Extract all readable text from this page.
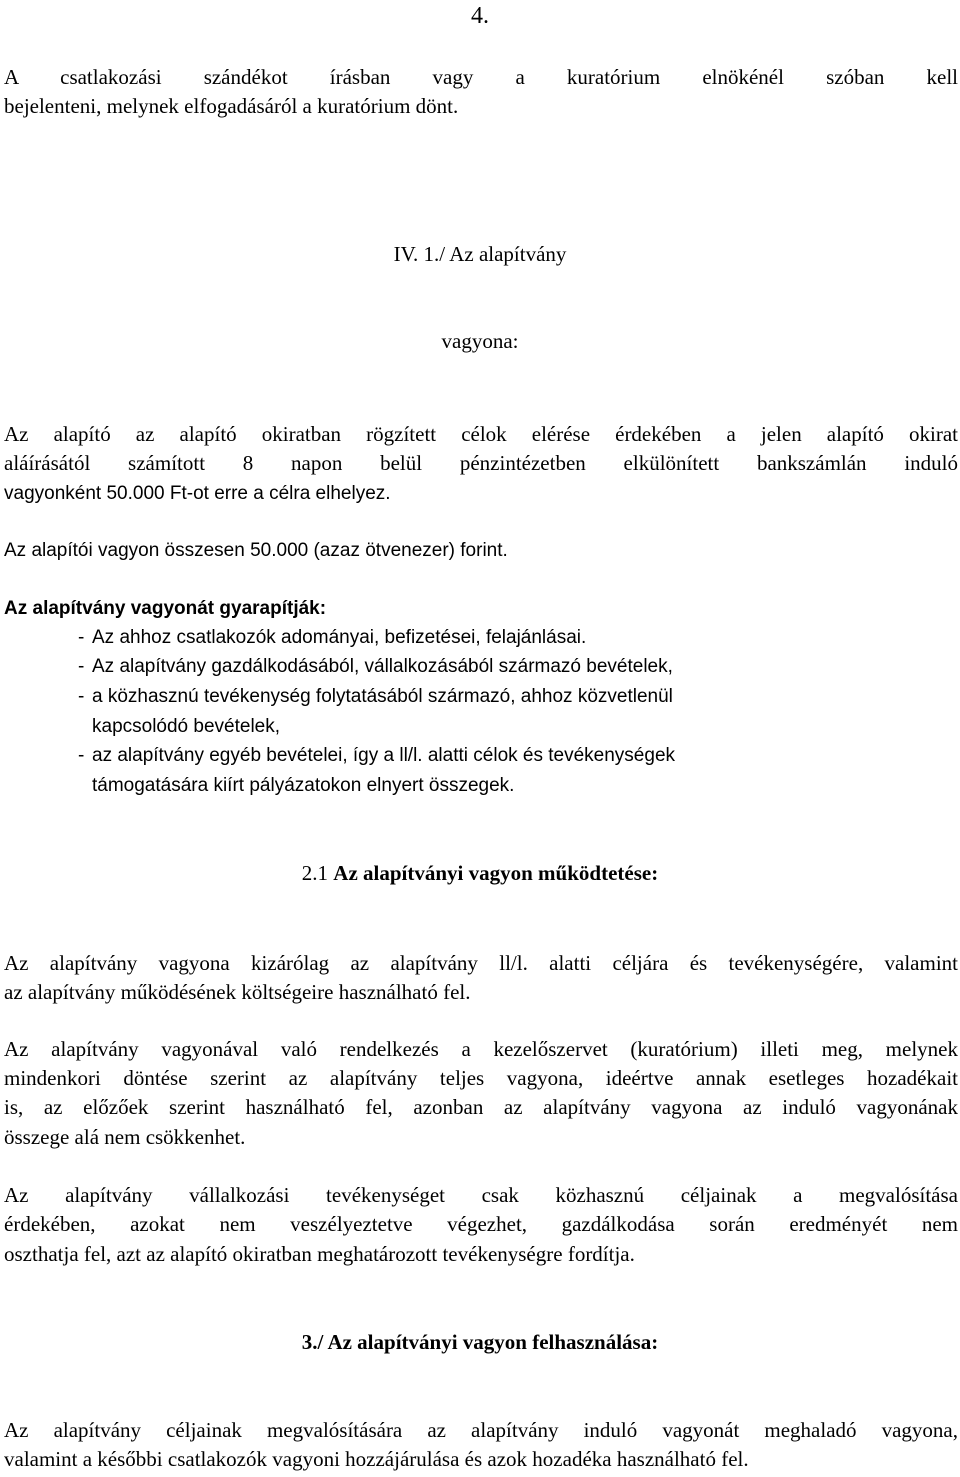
4.
A csatlakozási szándékot írásban vagy a kuratórium elnökénél szóban kell
bejelenteni, melynek elfogadásáról a kuratórium dönt.
IV. 1./ Az alapítvány
vagyona:
Az alapító az alapító okiratban rögzített célok elérése érdekében a jelen alapító okirat
aláírásától számított 8 napon belül pénzintézetben elkülönített bankszámlán induló
vagyonként 50.000 Ft-ot erre a célra elhelyez.
Az alapítói vagyon összesen 50.000 (azaz ötvenezer) forint.
Az alapítvány vagyonát gyarapítják:
- Az ahhoz csatlakozók adományai, befizetései, felajánlásai.
- Az alapítvány gazdálkodásából, vállalkozásából származó bevételek,
- a közhasznú tevékenység folytatásából származó, ahhoz közvetlenül
kapcsolódó bevételek,
- az alapítvány egyéb bevételei, így a ll/l. alatti célok és tevékenységek
támogatására kiírt pályázatokon elnyert összegek.
2.1 Az alapítványi vagyon működtetése:
Az alapítvány vagyona kizárólag az alapítvány ll/l. alatti céljára és tevékenységére, valamint
az alapítvány működésének költségeire használható fel.
Az alapítvány vagyonával való rendelkezés a kezelőszervet (kuratórium) illeti meg, melynek
mindenkori döntése szerint az alapítvány teljes vagyona, ideértve annak esetleges hozadékait
is, az előzőek szerint használható fel, azonban az alapítvány vagyona az induló vagyonának
összege alá nem csökkenhet.
Az alapítvány vállalkozási tevékenységet csak közhasznú céljainak a megvalósítása
érdekében, azokat nem veszélyeztetve végezhet, gazdálkodása során eredményét nem
oszthatja fel, azt az alapító okiratban meghatározott tevékenységre fordítja.
3./ Az alapítványi vagyon felhasználása:
Az alapítvány céljainak megvalósítására az alapítvány induló vagyonát meghaladó vagyona,
valamint a későbbi csatlakozók vagyoni hozzájárulása és azok hozadéka használható fel.
